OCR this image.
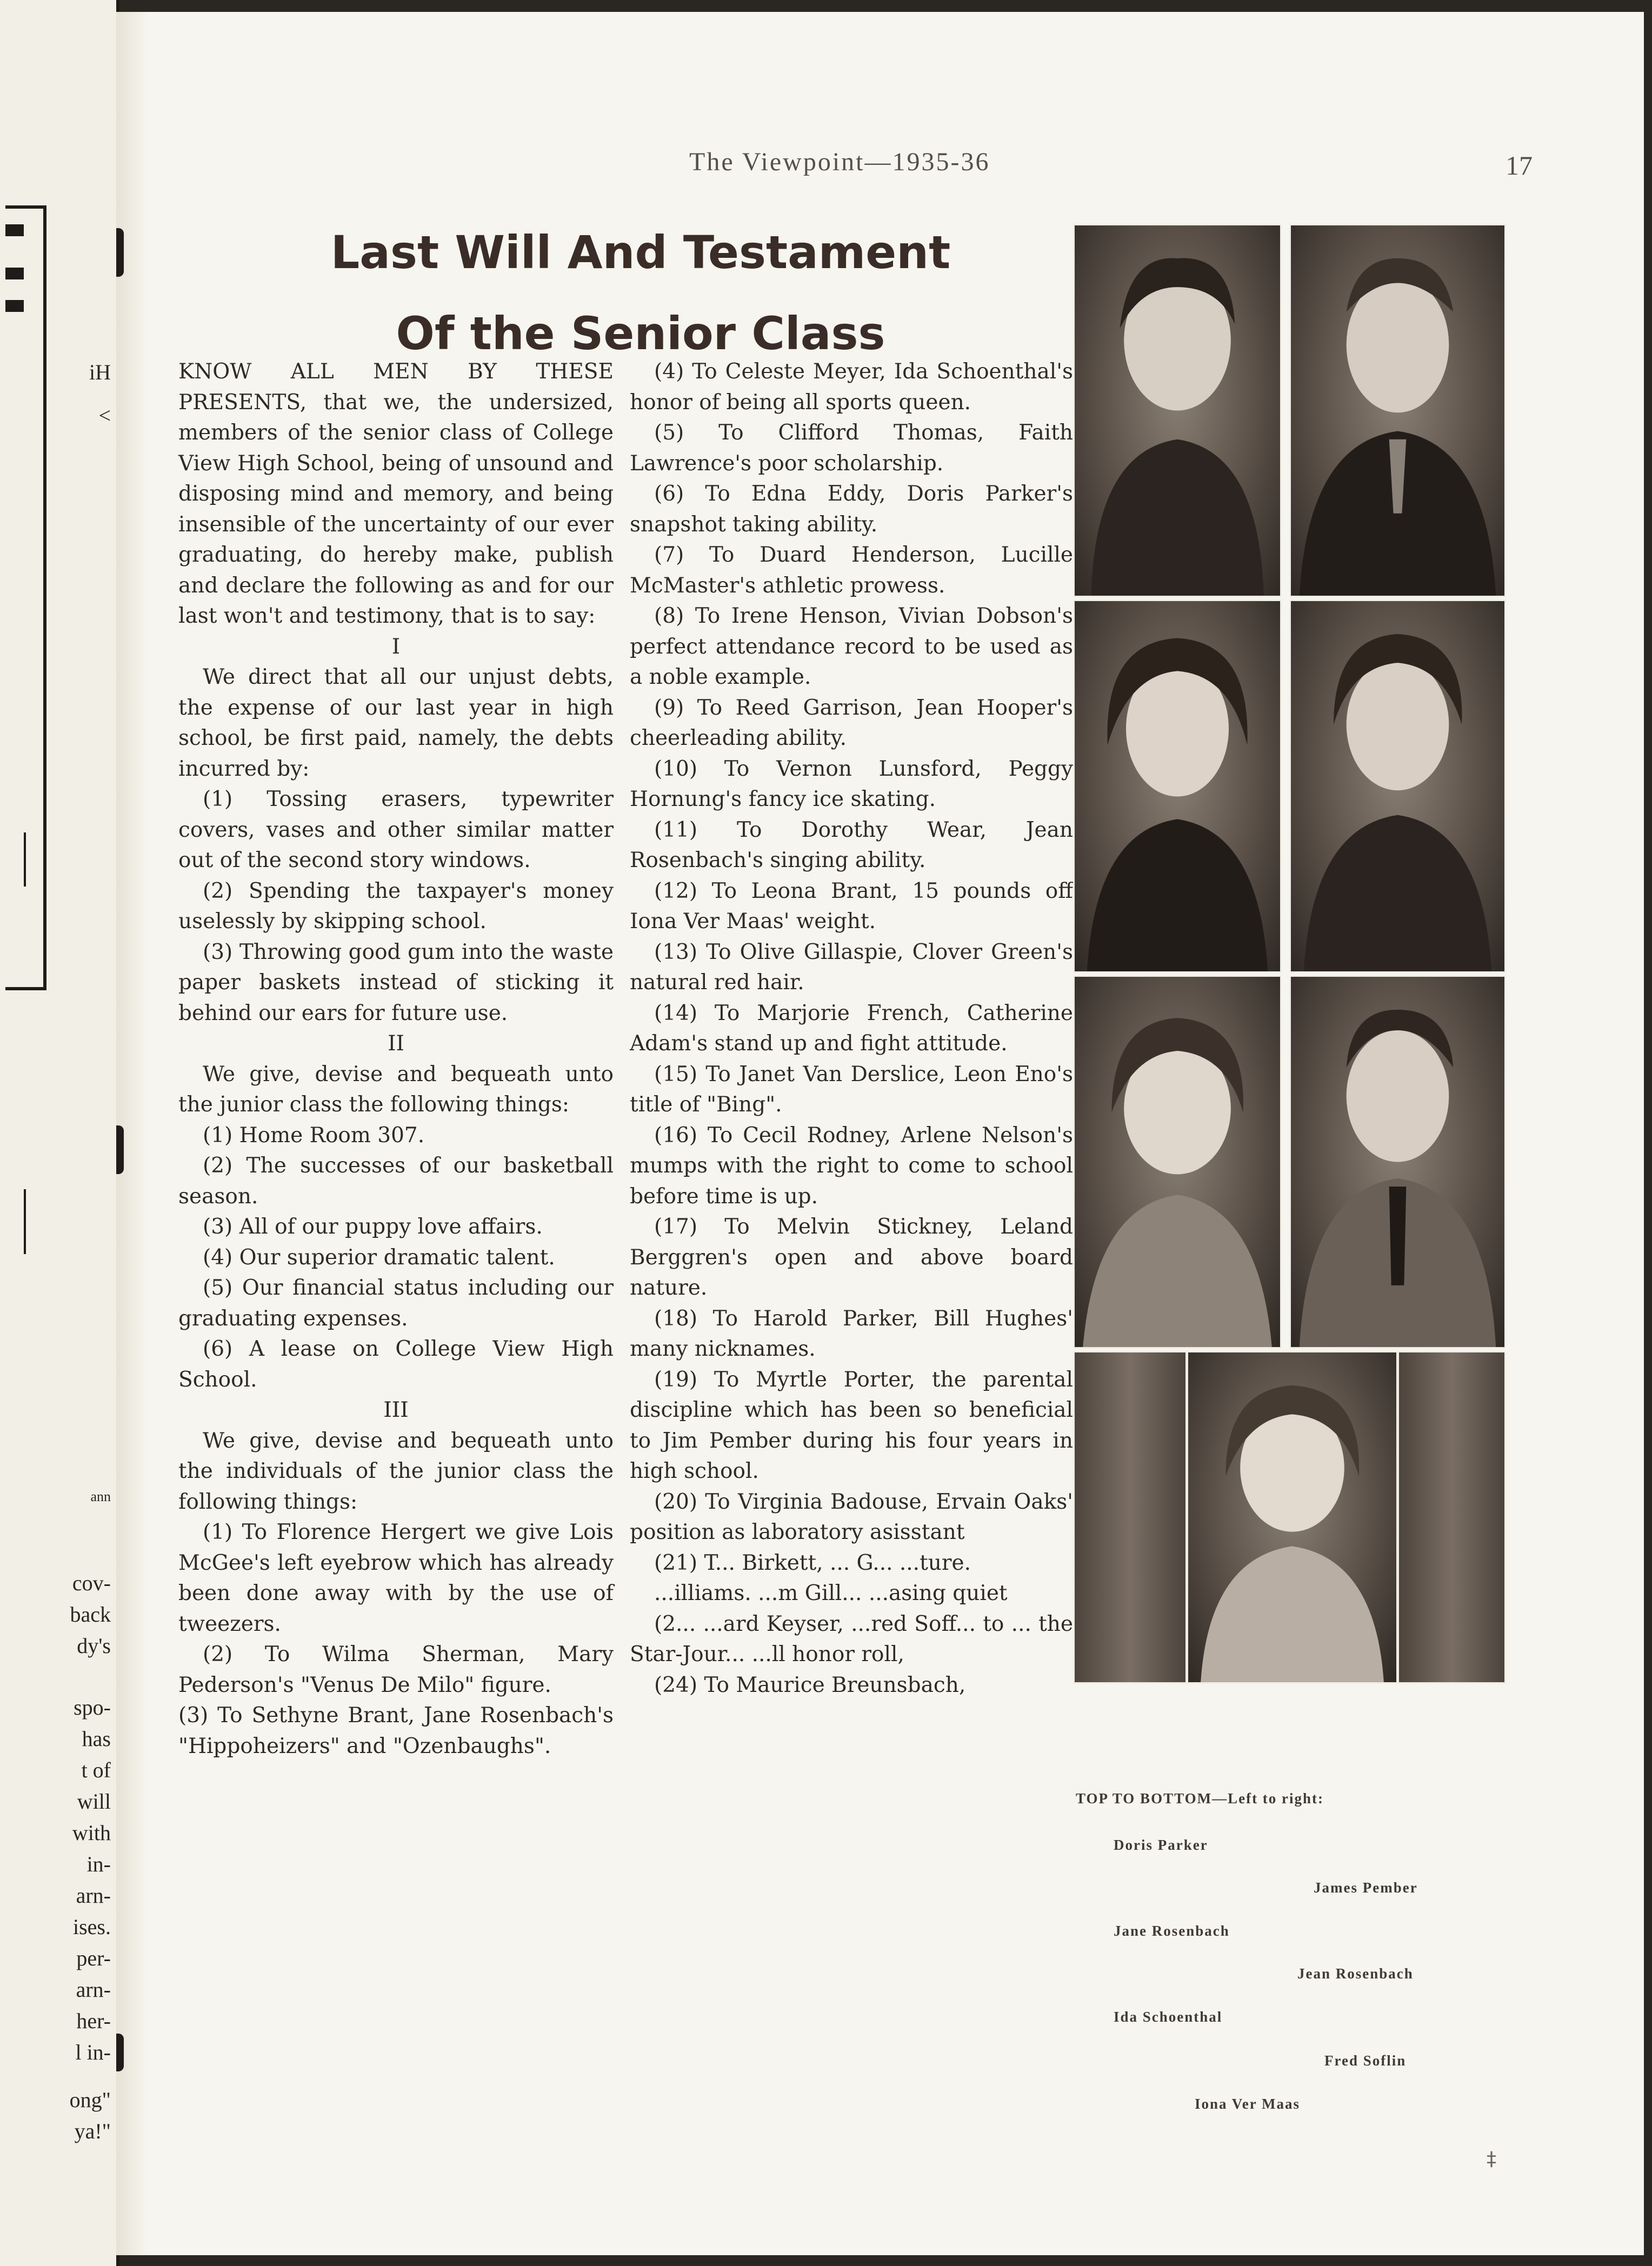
iH
<
ann
cov-
back
dy's
spo-
has
t of
will
with
in-
arn-
ises.
per-
arn-
her-
l in-
ong"
ya!"
The Viewpoint—1935-36	17
Last Will And Testament
Of the Senior Class

KNOW ALL MEN BY THESE PRESENTS, that we, the undersized, members of the senior class of College View High School, being of unsound and disposing mind and memory, and being insensible of the uncertainty of our ever graduating, do hereby make, publish and declare the following as and for our last won't and testimony, that is to say:

I

We direct that all our unjust debts, the expense of our last year in high school, be first paid, namely, the debts incurred by:

(1) Tossing erasers, typewriter covers, vases and other similar matter out of the second story windows.

(2) Spending the taxpayer's money uselessly by skipping school.

(3) Throwing good gum into the waste paper baskets instead of sticking it behind our ears for future use.

II

We give, devise and bequeath unto the junior class the following things:

(1) Home Room 307.

(2) The successes of our basketball season.

(3) All of our puppy love affairs.

(4) Our superior dramatic talent.

(5) Our financial status including our graduating expenses.

(6) A lease on College View High School.

III

We give, devise and bequeath unto the individuals of the junior class the following things:

(1) To Florence Hergert we give Lois McGee's left eyebrow which has already been done away with by the use of tweezers.

(2) To Wilma Sherman, Mary Pederson's "Venus De Milo" figure.

(3) To Sethyne Brant, Jane Rosenbach's "Hippoheizers" and "Ozenbaughs".

(4) To Celeste Meyer, Ida Schoenthal's honor of being all sports queen.

(5) To Clifford Thomas, Faith Lawrence's poor scholarship.

(6) To Edna Eddy, Doris Parker's snapshot taking ability.

(7) To Duard Henderson, Lucille McMaster's athletic prowess.

(8) To Irene Henson, Vivian Dobson's perfect attendance record to be used as a noble example.

(9) To Reed Garrison, Jean Hooper's cheerleading ability.

(10) To Vernon Lunsford, Peggy Hornung's fancy ice skating.

(11) To Dorothy Wear, Jean Rosenbach's singing ability.

(12) To Leona Brant, 15 pounds off Iona Ver Maas' weight.

(13) To Olive Gillaspie, Clover Green's natural red hair.

(14) To Marjorie French, Catherine Adam's stand up and fight attitude.

(15) To Janet Van Derslice, Leon Eno's title of "Bing".

(16) To Cecil Rodney, Arlene Nelson's mumps with the right to come to school before time is up.

(17) To Melvin Stickney, Leland Berggren's open and above board nature.

(18) To Harold Parker, Bill Hughes' many nicknames.

(19) To Myrtle Porter, the parental discipline which has been so beneficial to Jim Pember during his four years in high school.

(20) To Virginia Badouse, Ervain Oaks' position as laboratory asisstant

(21) T... Birkett, ... G... ...ture.

...illiams. ...m Gill... ...asing quiet

(2... ...ard Keyser, ...red Soff... to ... the Star-Jour... ...ll honor roll,

(24) To Maurice Breunsbach,

TOP TO BOTTOM—Left to right:
Doris Parker
James Pember
Jane Rosenbach
Jean Rosenbach
Ida Schoenthal
Fred Soflin
Iona Ver Maas
‡
